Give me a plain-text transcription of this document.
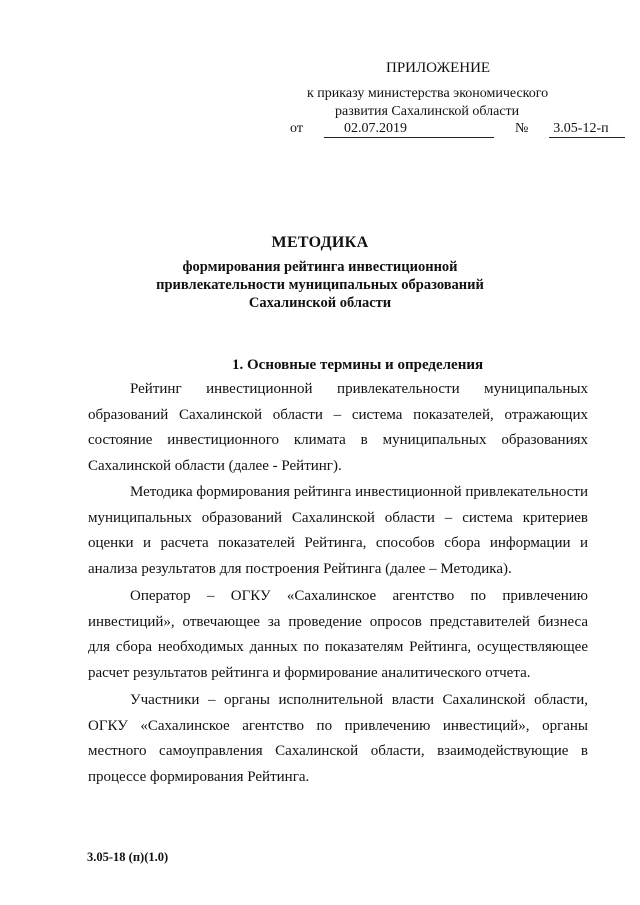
ПРИЛОЖЕНИЕ
к приказу министерства экономического
развития Сахалинской области
от	02.07.2019	№ 3.05-12-п
МЕТОДИКА
формирования рейтинга инвестиционной
привлекательности муниципальных образований
Сахалинской области
1. Основные термины и определения

Рейтинг инвестиционной привлекательности муниципальных образований Сахалинской области – система показателей, отражающих состояние инвестиционного климата в муниципальных образованиях Сахалинской области (далее - Рейтинг).

Методика формирования рейтинга инвестиционной привлекательности муниципальных образований Сахалинской области – система критериев оценки и расчета показателей Рейтинга, способов сбора информации и анализа результатов для построения Рейтинга (далее – Методика).

Оператор – ОГКУ «Сахалинское агентство по привлечению инвестиций», отвечающее за проведение опросов представителей бизнеса для сбора необходимых данных по показателям Рейтинга, осуществляющее расчет результатов рейтинга и формирование аналитического отчета.

Участники – органы исполнительной власти Сахалинской области, ОГКУ «Сахалинское агентство по привлечению инвестиций», органы местного самоуправления Сахалинской области, взаимодействующие в процессе формирования Рейтинга.

3.05-18 (п)(1.0)
